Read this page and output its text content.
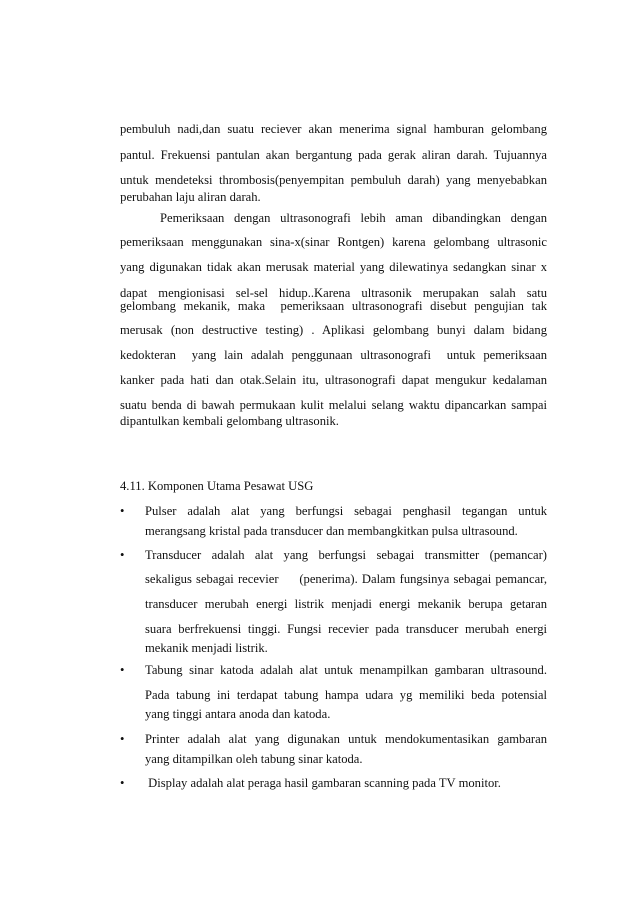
pembuluh nadi,dan suatu reciever akan menerima signal hamburan gelombang
pantul. Frekuensi pantulan akan bergantung pada gerak aliran darah. Tujuannya
untuk mendeteksi thrombosis(penyempitan pembuluh darah) yang menyebabkan
perubahan laju aliran darah.
Pemeriksaan dengan ultrasonografi lebih aman dibandingkan dengan
pemeriksaan menggunakan sina-x(sinar Rontgen) karena gelombang ultrasonic
yang digunakan tidak akan merusak material yang dilewatinya sedangkan sinar x
dapat mengionisasi sel-sel hidup..Karena ultrasonik merupakan salah satu
gelombang mekanik, maka  pemeriksaan ultrasonografi disebut pengujian tak
merusak (non destructive testing) . Aplikasi gelombang bunyi dalam bidang
kedokteran  yang lain adalah penggunaan ultrasonografi  untuk pemeriksaan
kanker pada hati dan otak.Selain itu, ultrasonografi dapat mengukur kedalaman
suatu benda di bawah permukaan kulit melalui selang waktu dipancarkan sampai
dipantulkan kembali gelombang ultrasonik.
4.11. Komponen Utama Pesawat USG
• Pulser adalah alat yang berfungsi sebagai penghasil tegangan untuk
merangsang kristal pada transducer dan membangkitkan pulsa ultrasound.
• Transducer adalah alat yang berfungsi sebagai transmitter (pemancar)
sekaligus sebagai recevier     (penerima). Dalam fungsinya sebagai pemancar,
transducer merubah energi listrik menjadi energi mekanik berupa getaran
suara berfrekuensi tinggi. Fungsi recevier pada transducer merubah energi
mekanik menjadi listrik.
• Tabung sinar katoda adalah alat untuk menampilkan gambaran ultrasound.
Pada tabung ini terdapat tabung hampa udara yg memiliki beda potensial
yang tinggi antara anoda dan katoda.
• Printer adalah alat yang digunakan untuk mendokumentasikan gambaran
yang ditampilkan oleh tabung sinar katoda.
• Display adalah alat peraga hasil gambaran scanning pada TV monitor.
